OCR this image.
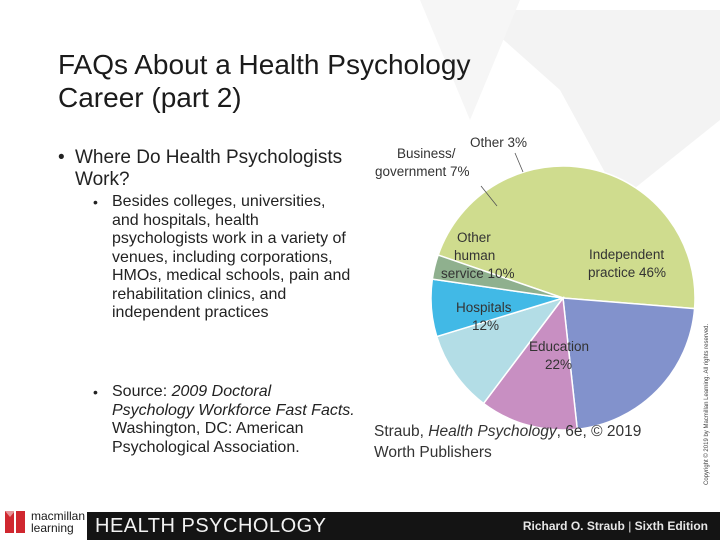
FAQs About a Health Psychology
Career (part 2)
• Where Do Health Psychologists Work?
• Besides colleges, universities, and hospitals, health psychologists work in a variety of venues, including corporations, HMOs, medical schools, pain and rehabilitation clinics, and independent practices
• Source: 2009 Doctoral Psychology Workforce Fast Facts. Washington, DC: American Psychological Association.
Business/
government 7%
Other 3%
Other
human
service 10%
Hospitals
12%
Education
22%
Independent
practice 46%
Straub, Health Psychology, 6e, © 2019
Worth Publishers	Copyright © 2019 by Macmillan Learning. All rights reserved.
macmillan
learning	HEALTH PSYCHOLOGY	Richard O. Straub | Sixth Edition
